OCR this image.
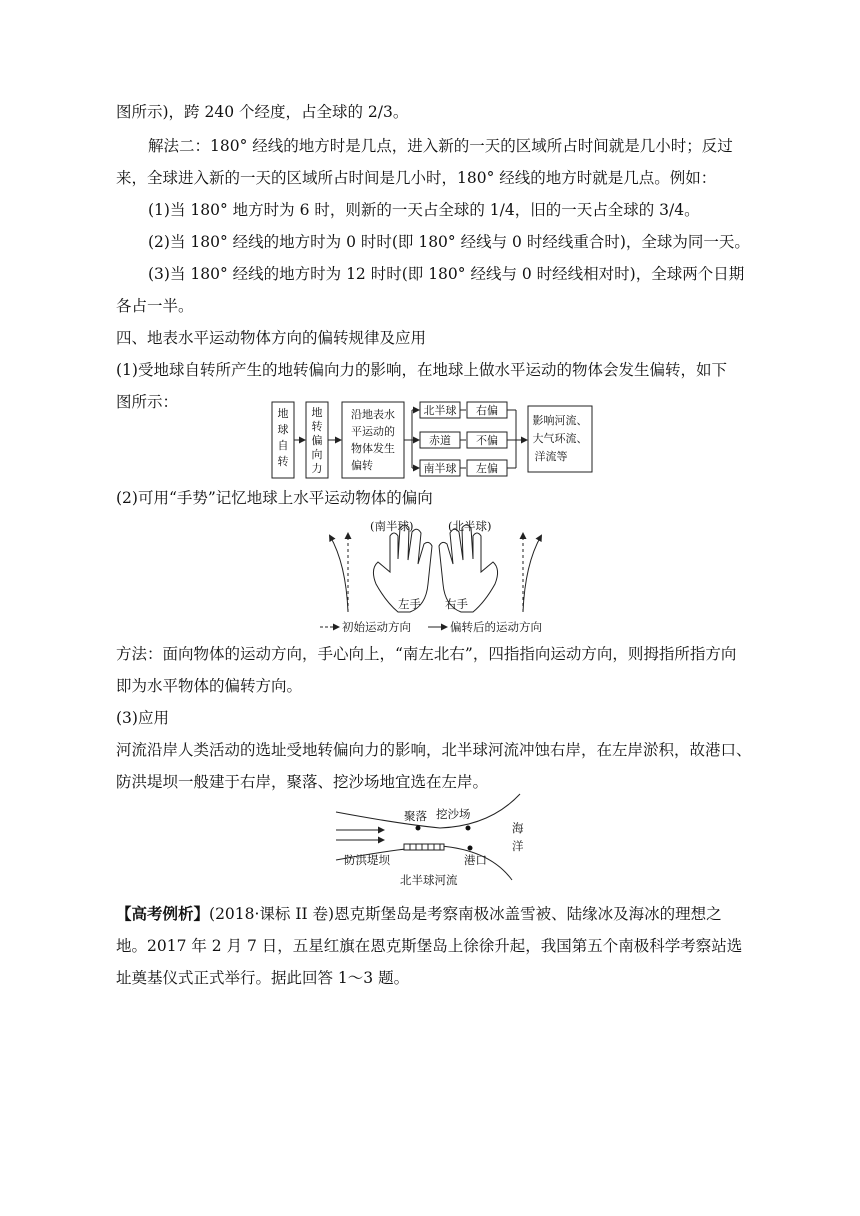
图所示)，跨 240 个经度，占全球的 2/3。
解法二：180° 经线的地方时是几点，进入新的一天的区域所占时间就是几小时；反过
来，全球进入新的一天的区域所占时间是几小时，180° 经线的地方时就是几点。例如：
(1)当 180° 地方时为 6 时，则新的一天占全球的 1/4，旧的一天占全球的 3/4。
(2)当 180° 经线的地方时为 0 时时(即 180° 经线与 0 时经线重合时)，全球为同一天。
(3)当 180° 经线的地方时为 12 时时(即 180° 经线与 0 时经线相对时)，全球两个日期
各占一半。
四、地表水平运动物体方向的偏转规律及应用
(1)受地球自转所产生的地转偏向力的影响，在地球上做水平运动的物体会发生偏转，如下
图所示：
地
球
自
转
地
转
偏
向
力
沿地表水
平运动的
物体发生
偏转
北半球
赤道
南半球
右偏
不偏
左偏
影响河流、
大气环流、
洋流等
(2)可用“手势”记忆地球上水平运动物体的偏向
(南半球)	(北半球)
左手 右手
初始运动方向	偏转后的运动方向
方法：面向物体的运动方向，手心向上，“南左北右”，四指指向运动方向，则拇指所指方向
即为水平物体的偏转方向。
(3)应用
河流沿岸人类活动的选址受地转偏向力的影响，北半球河流冲蚀右岸，在左岸淤积，故港口、
防洪堤坝一般建于右岸，聚落、挖沙场地宜选在左岸。
聚落 挖沙场
海
洋
防洪堤坝	港口
北半球河流
【高考例析】(2018·课标 II 卷)恩克斯堡岛是考察南极冰盖雪被、陆缘冰及海冰的理想之
地。2017 年 2 月 7 日，五星红旗在恩克斯堡岛上徐徐升起，我国第五个南极科学考察站选
址奠基仪式正式举行。据此回答 1～3 题。
